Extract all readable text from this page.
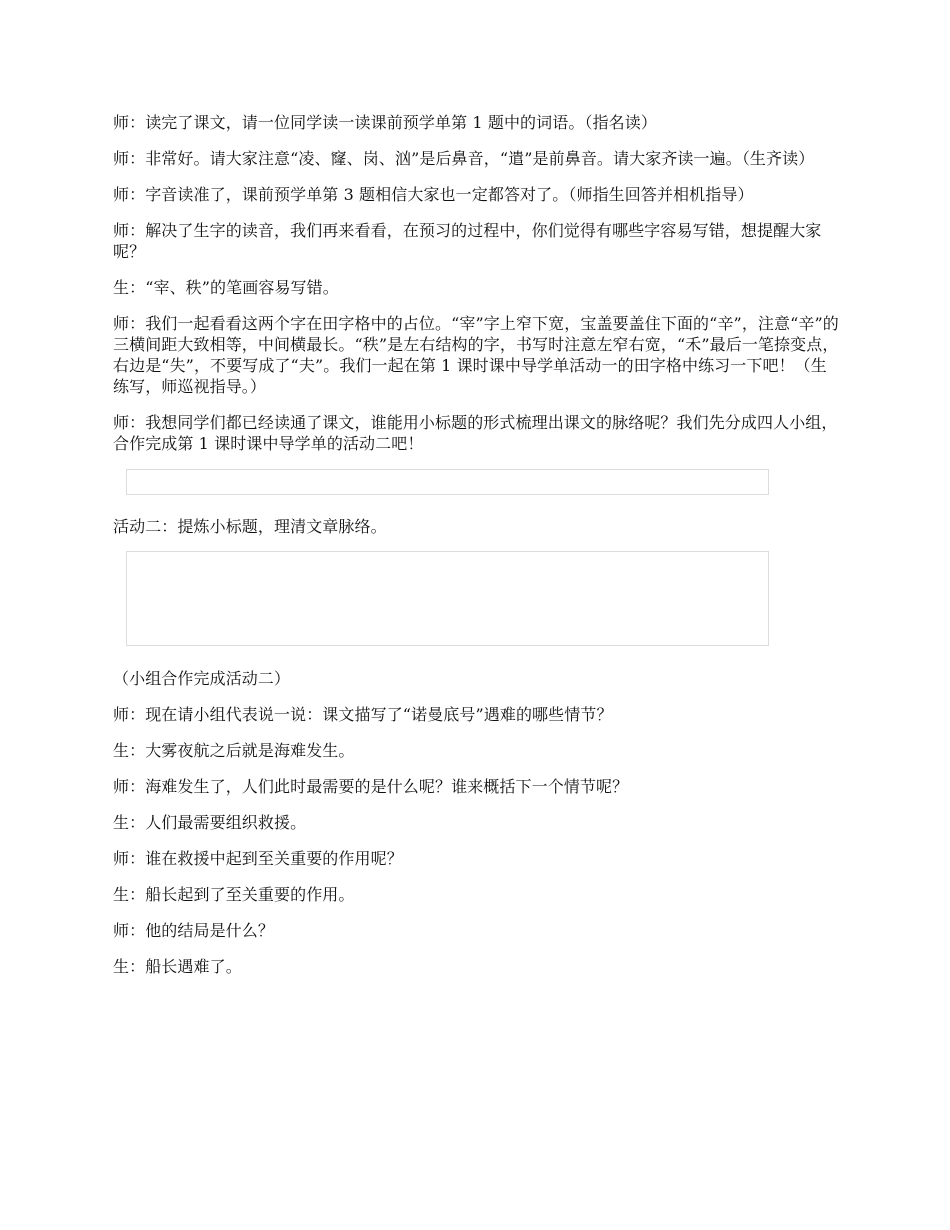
师：读完了课文，请一位同学读一读课前预学单第 1 题中的词语。（指名读）

师：非常好。请大家注意“凌、窿、岗、汹”是后鼻音，“遣”是前鼻音。请大家齐读一遍。（生齐读）

师：字音读准了，课前预学单第 3 题相信大家也一定都答对了。（师指生回答并相机指导）

师：解决了生字的读音，我们再来看看，在预习的过程中，你们觉得有哪些字容易写错，想提醒大家呢？

生：“宰、秩”的笔画容易写错。

师：我们一起看看这两个字在田字格中的占位。“宰”字上窄下宽，宝盖要盖住下面的“辛”，注意“辛”的三横间距大致相等，中间横最长。“秩”是左右结构的字，书写时注意左窄右宽，“禾”最后一笔捺变点，右边是“失”，不要写成了“夫”。我们一起在第 1 课时课中导学单活动一的田字格中练习一下吧！（生练写，师巡视指导。）

师：我想同学们都已经读通了课文，谁能用小标题的形式梳理出课文的脉络呢？我们先分成四人小组，合作完成第 1 课时课中导学单的活动二吧！

活动二：提炼小标题，理清文章脉络。

（小组合作完成活动二）

师：现在请小组代表说一说：课文描写了“诺曼底号”遇难的哪些情节？

生：大雾夜航之后就是海难发生。

师：海难发生了，人们此时最需要的是什么呢？谁来概括下一个情节呢？

生：人们最需要组织救援。

师：谁在救援中起到至关重要的作用呢？

生：船长起到了至关重要的作用。

师：他的结局是什么？

生：船长遇难了。
